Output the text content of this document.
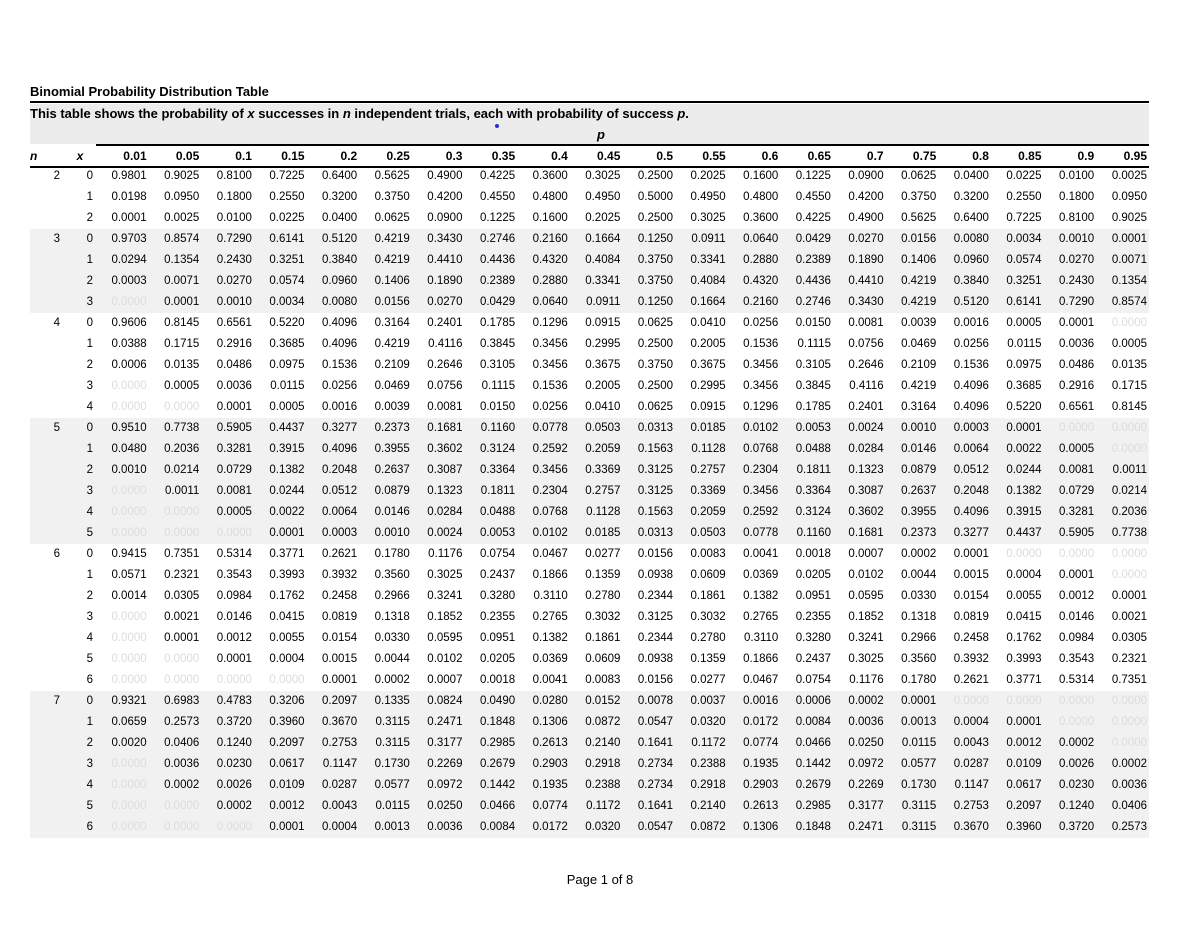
Binomial Probability Distribution Table
This table shows the probability of x successes in n independent trials, each with probability of success p.
p
n	x	0.01	0.05	0.1	0.15	0.2	0.25	0.3	0.35	0.4	0.45	0.5	0.55	0.6	0.65	0.7	0.75	0.8	0.85	0.9	0.95
2	0	0.9801	0.9025	0.8100	0.7225	0.6400	0.5625	0.4900	0.4225	0.3600	0.3025	0.2500	0.2025	0.1600	0.1225	0.0900	0.0625	0.0400	0.0225	0.0100	0.0025
	1	0.0198	0.0950	0.1800	0.2550	0.3200	0.3750	0.4200	0.4550	0.4800	0.4950	0.5000	0.4950	0.4800	0.4550	0.4200	0.3750	0.3200	0.2550	0.1800	0.0950
	2	0.0001	0.0025	0.0100	0.0225	0.0400	0.0625	0.0900	0.1225	0.1600	0.2025	0.2500	0.3025	0.3600	0.4225	0.4900	0.5625	0.6400	0.7225	0.8100	0.9025
3	0	0.9703	0.8574	0.7290	0.6141	0.5120	0.4219	0.3430	0.2746	0.2160	0.1664	0.1250	0.0911	0.0640	0.0429	0.0270	0.0156	0.0080	0.0034	0.0010	0.0001
	1	0.0294	0.1354	0.2430	0.3251	0.3840	0.4219	0.4410	0.4436	0.4320	0.4084	0.3750	0.3341	0.2880	0.2389	0.1890	0.1406	0.0960	0.0574	0.0270	0.0071
	2	0.0003	0.0071	0.0270	0.0574	0.0960	0.1406	0.1890	0.2389	0.2880	0.3341	0.3750	0.4084	0.4320	0.4436	0.4410	0.4219	0.3840	0.3251	0.2430	0.1354
	3	0.0000	0.0001	0.0010	0.0034	0.0080	0.0156	0.0270	0.0429	0.0640	0.0911	0.1250	0.1664	0.2160	0.2746	0.3430	0.4219	0.5120	0.6141	0.7290	0.8574
4	0	0.9606	0.8145	0.6561	0.5220	0.4096	0.3164	0.2401	0.1785	0.1296	0.0915	0.0625	0.0410	0.0256	0.0150	0.0081	0.0039	0.0016	0.0005	0.0001	0.0000
	1	0.0388	0.1715	0.2916	0.3685	0.4096	0.4219	0.4116	0.3845	0.3456	0.2995	0.2500	0.2005	0.1536	0.1115	0.0756	0.0469	0.0256	0.0115	0.0036	0.0005
	2	0.0006	0.0135	0.0486	0.0975	0.1536	0.2109	0.2646	0.3105	0.3456	0.3675	0.3750	0.3675	0.3456	0.3105	0.2646	0.2109	0.1536	0.0975	0.0486	0.0135
	3	0.0000	0.0005	0.0036	0.0115	0.0256	0.0469	0.0756	0.1115	0.1536	0.2005	0.2500	0.2995	0.3456	0.3845	0.4116	0.4219	0.4096	0.3685	0.2916	0.1715
	4	0.0000	0.0000	0.0001	0.0005	0.0016	0.0039	0.0081	0.0150	0.0256	0.0410	0.0625	0.0915	0.1296	0.1785	0.2401	0.3164	0.4096	0.5220	0.6561	0.8145
5	0	0.9510	0.7738	0.5905	0.4437	0.3277	0.2373	0.1681	0.1160	0.0778	0.0503	0.0313	0.0185	0.0102	0.0053	0.0024	0.0010	0.0003	0.0001	0.0000	0.0000
	1	0.0480	0.2036	0.3281	0.3915	0.4096	0.3955	0.3602	0.3124	0.2592	0.2059	0.1563	0.1128	0.0768	0.0488	0.0284	0.0146	0.0064	0.0022	0.0005	0.0000
	2	0.0010	0.0214	0.0729	0.1382	0.2048	0.2637	0.3087	0.3364	0.3456	0.3369	0.3125	0.2757	0.2304	0.1811	0.1323	0.0879	0.0512	0.0244	0.0081	0.0011
	3	0.0000	0.0011	0.0081	0.0244	0.0512	0.0879	0.1323	0.1811	0.2304	0.2757	0.3125	0.3369	0.3456	0.3364	0.3087	0.2637	0.2048	0.1382	0.0729	0.0214
	4	0.0000	0.0000	0.0005	0.0022	0.0064	0.0146	0.0284	0.0488	0.0768	0.1128	0.1563	0.2059	0.2592	0.3124	0.3602	0.3955	0.4096	0.3915	0.3281	0.2036
	5	0.0000	0.0000	0.0000	0.0001	0.0003	0.0010	0.0024	0.0053	0.0102	0.0185	0.0313	0.0503	0.0778	0.1160	0.1681	0.2373	0.3277	0.4437	0.5905	0.7738
6	0	0.9415	0.7351	0.5314	0.3771	0.2621	0.1780	0.1176	0.0754	0.0467	0.0277	0.0156	0.0083	0.0041	0.0018	0.0007	0.0002	0.0001	0.0000	0.0000	0.0000
	1	0.0571	0.2321	0.3543	0.3993	0.3932	0.3560	0.3025	0.2437	0.1866	0.1359	0.0938	0.0609	0.0369	0.0205	0.0102	0.0044	0.0015	0.0004	0.0001	0.0000
	2	0.0014	0.0305	0.0984	0.1762	0.2458	0.2966	0.3241	0.3280	0.3110	0.2780	0.2344	0.1861	0.1382	0.0951	0.0595	0.0330	0.0154	0.0055	0.0012	0.0001
	3	0.0000	0.0021	0.0146	0.0415	0.0819	0.1318	0.1852	0.2355	0.2765	0.3032	0.3125	0.3032	0.2765	0.2355	0.1852	0.1318	0.0819	0.0415	0.0146	0.0021
	4	0.0000	0.0001	0.0012	0.0055	0.0154	0.0330	0.0595	0.0951	0.1382	0.1861	0.2344	0.2780	0.3110	0.3280	0.3241	0.2966	0.2458	0.1762	0.0984	0.0305
	5	0.0000	0.0000	0.0001	0.0004	0.0015	0.0044	0.0102	0.0205	0.0369	0.0609	0.0938	0.1359	0.1866	0.2437	0.3025	0.3560	0.3932	0.3993	0.3543	0.2321
	6	0.0000	0.0000	0.0000	0.0000	0.0001	0.0002	0.0007	0.0018	0.0041	0.0083	0.0156	0.0277	0.0467	0.0754	0.1176	0.1780	0.2621	0.3771	0.5314	0.7351
7	0	0.9321	0.6983	0.4783	0.3206	0.2097	0.1335	0.0824	0.0490	0.0280	0.0152	0.0078	0.0037	0.0016	0.0006	0.0002	0.0001	0.0000	0.0000	0.0000	0.0000
	1	0.0659	0.2573	0.3720	0.3960	0.3670	0.3115	0.2471	0.1848	0.1306	0.0872	0.0547	0.0320	0.0172	0.0084	0.0036	0.0013	0.0004	0.0001	0.0000	0.0000
	2	0.0020	0.0406	0.1240	0.2097	0.2753	0.3115	0.3177	0.2985	0.2613	0.2140	0.1641	0.1172	0.0774	0.0466	0.0250	0.0115	0.0043	0.0012	0.0002	0.0000
	3	0.0000	0.0036	0.0230	0.0617	0.1147	0.1730	0.2269	0.2679	0.2903	0.2918	0.2734	0.2388	0.1935	0.1442	0.0972	0.0577	0.0287	0.0109	0.0026	0.0002
	4	0.0000	0.0002	0.0026	0.0109	0.0287	0.0577	0.0972	0.1442	0.1935	0.2388	0.2734	0.2918	0.2903	0.2679	0.2269	0.1730	0.1147	0.0617	0.0230	0.0036
	5	0.0000	0.0000	0.0002	0.0012	0.0043	0.0115	0.0250	0.0466	0.0774	0.1172	0.1641	0.2140	0.2613	0.2985	0.3177	0.3115	0.2753	0.2097	0.1240	0.0406
	6	0.0000	0.0000	0.0000	0.0001	0.0004	0.0013	0.0036	0.0084	0.0172	0.0320	0.0547	0.0872	0.1306	0.1848	0.2471	0.3115	0.3670	0.3960	0.3720	0.2573
Page 1 of 8
